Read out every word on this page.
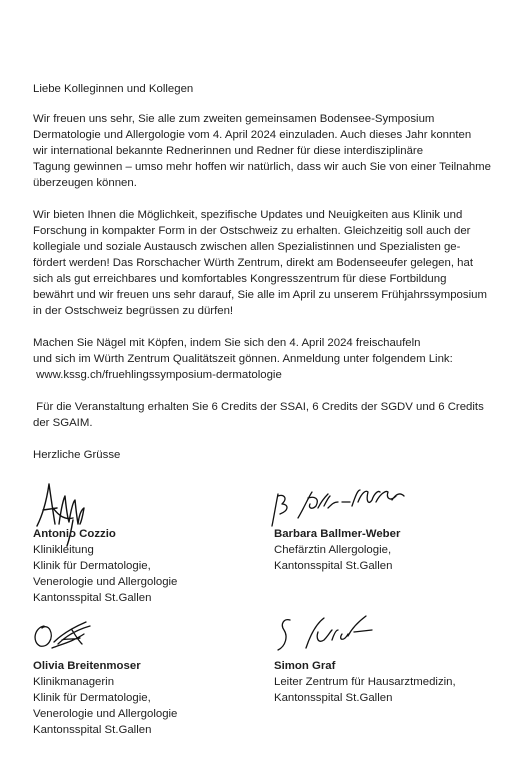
Liebe Kolleginnen und Kollegen
Wir freuen uns sehr, Sie alle zum zweiten gemeinsamen Bodensee-Symposium
Dermatologie und Allergologie vom 4. April 2024 einzuladen. Auch dieses Jahr konnten
wir international bekannte Rednerinnen und Redner für diese interdisziplinäre
Tagung gewinnen – umso mehr hoffen wir natürlich, dass wir auch Sie von einer Teilnahme
überzeugen können.
Wir bieten Ihnen die Möglichkeit, spezifische Updates und Neuigkeiten aus Klinik und
Forschung in kompakter Form in der Ostschweiz zu erhalten. Gleichzeitig soll auch der
kollegiale und soziale Austausch zwischen allen Spezialistinnen und Spezialisten ge-
fördert werden! Das Rorschacher Würth Zentrum, direkt am Bodenseeufer gelegen, hat
sich als gut erreichbares und komfortables Kongresszentrum für diese Fortbildung
bewährt und wir freuen uns sehr darauf, Sie alle im April zu unserem Frühjahrssymposium
in der Ostschweiz begrüssen zu dürfen!
Machen Sie Nägel mit Köpfen, indem Sie sich den 4. April 2024 freischaufeln
und sich im Würth Zentrum Qualitätszeit gönnen. Anmeldung unter folgendem Link:
www.kssg.ch/fruehlingssymposium-dermatologie
Für die Veranstaltung erhalten Sie 6 Credits der SSAI, 6 Credits der SGDV und 6 Credits
der SGAIM.
Herzliche Grüsse
Antonio Cozzio
Klinikleitung
Klinik für Dermatologie,
Venerologie und Allergologie
Kantonsspital St.Gallen
Barbara Ballmer-Weber
Chefärztin Allergologie,
Kantonsspital St.Gallen
Olivia Breitenmoser
Klinikmanagerin
Klinik für Dermatologie,
Venerologie und Allergologie
Kantonsspital St.Gallen
Simon Graf
Leiter Zentrum für Hausarztmedizin,
Kantonsspital St.Gallen
